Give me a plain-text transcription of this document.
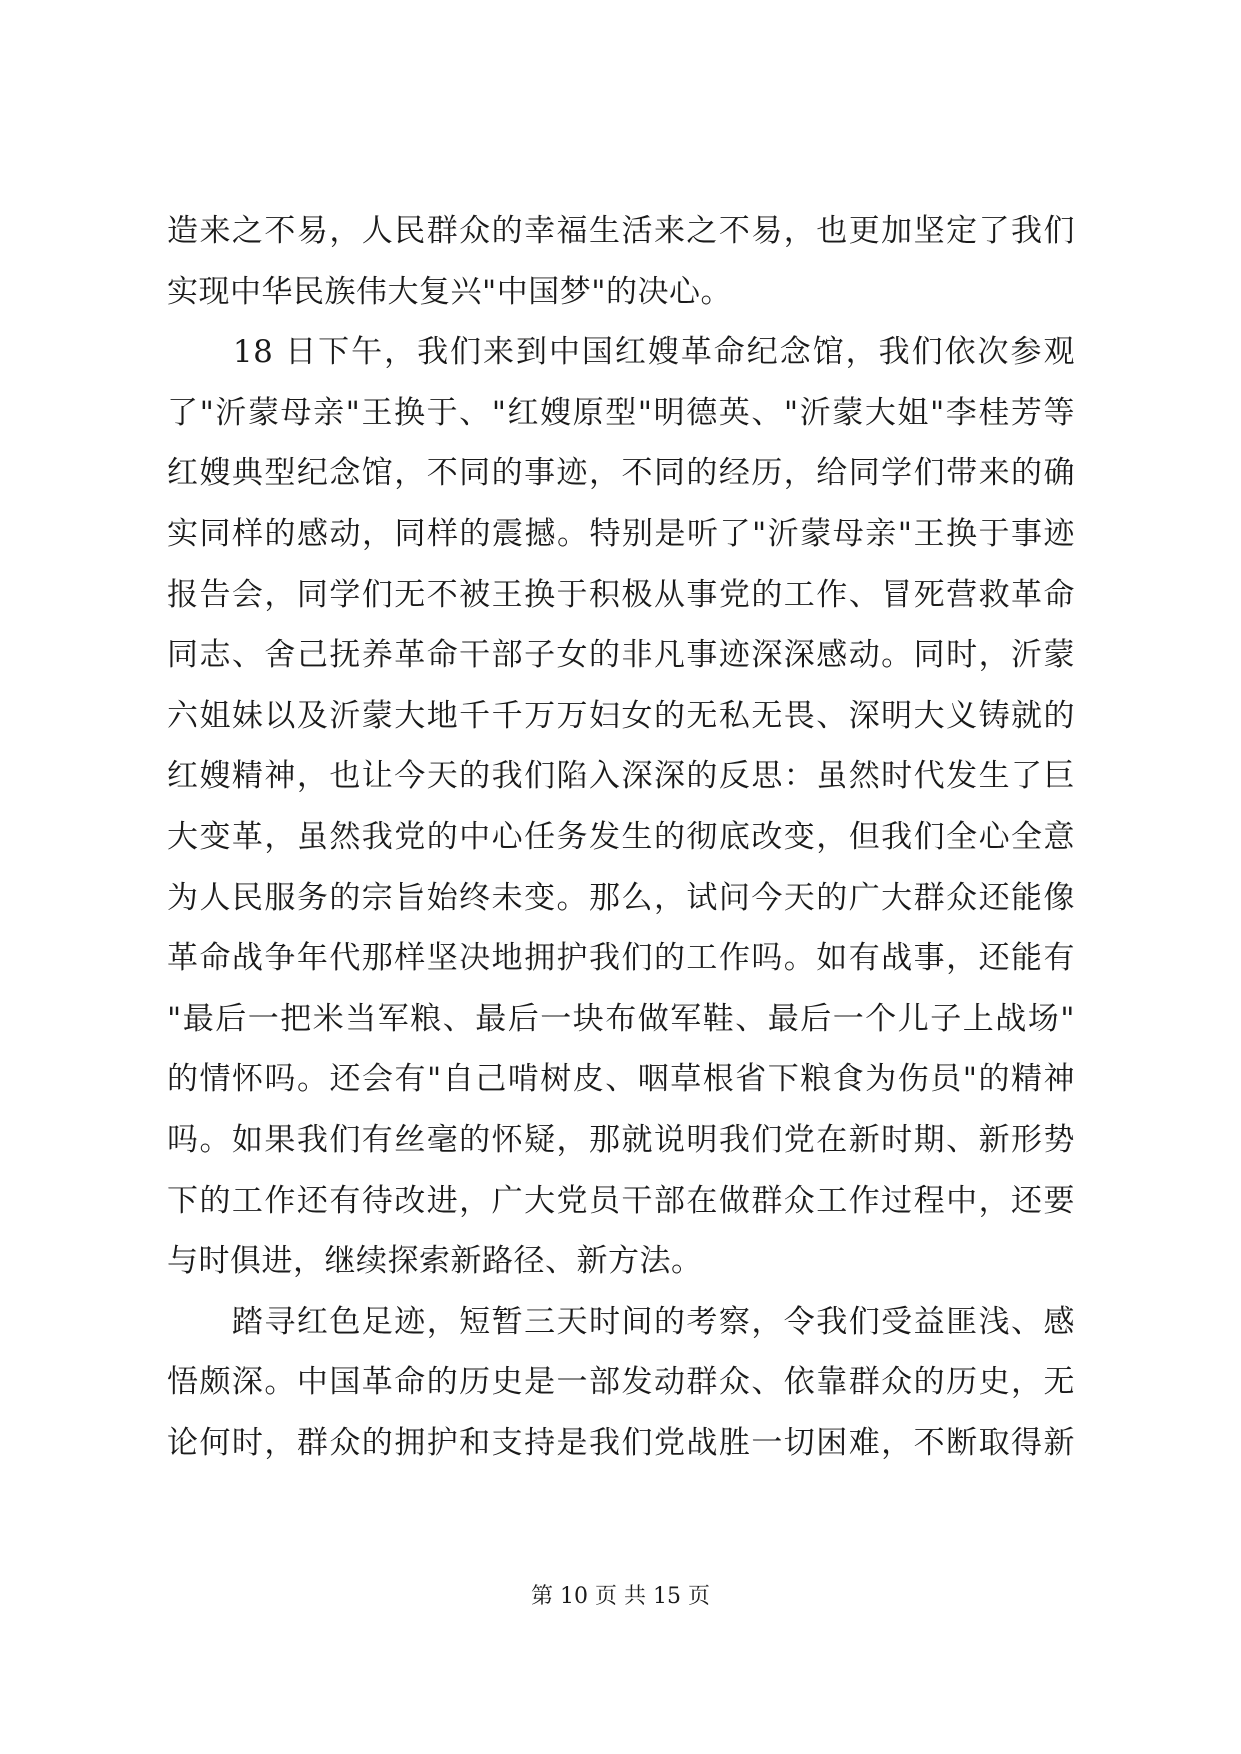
造来之不易，人民群众的幸福生活来之不易，也更加坚定了我们
实现中华民族伟大复兴"中国梦"的决心。
　　18 日下午，我们来到中国红嫂革命纪念馆，我们依次参观
了"沂蒙母亲"王换于、"红嫂原型"明德英、"沂蒙大姐"李桂芳等
红嫂典型纪念馆，不同的事迹，不同的经历，给同学们带来的确
实同样的感动，同样的震撼。特别是听了"沂蒙母亲"王换于事迹
报告会，同学们无不被王换于积极从事党的工作、冒死营救革命
同志、舍己抚养革命干部子女的非凡事迹深深感动。同时，沂蒙
六姐妹以及沂蒙大地千千万万妇女的无私无畏、深明大义铸就的
红嫂精神，也让今天的我们陷入深深的反思：虽然时代发生了巨
大变革，虽然我党的中心任务发生的彻底改变，但我们全心全意
为人民服务的宗旨始终未变。那么，试问今天的广大群众还能像
革命战争年代那样坚决地拥护我们的工作吗。如有战事，还能有
"最后一把米当军粮、最后一块布做军鞋、最后一个儿子上战场"
的情怀吗。还会有"自己啃树皮、咽草根省下粮食为伤员"的精神
吗。如果我们有丝毫的怀疑，那就说明我们党在新时期、新形势
下的工作还有待改进，广大党员干部在做群众工作过程中，还要
与时俱进，继续探索新路径、新方法。
　　踏寻红色足迹，短暂三天时间的考察，令我们受益匪浅、感
悟颇深。中国革命的历史是一部发动群众、依靠群众的历史，无
论何时，群众的拥护和支持是我们党战胜一切困难，不断取得新
第 10 页 共 15 页
